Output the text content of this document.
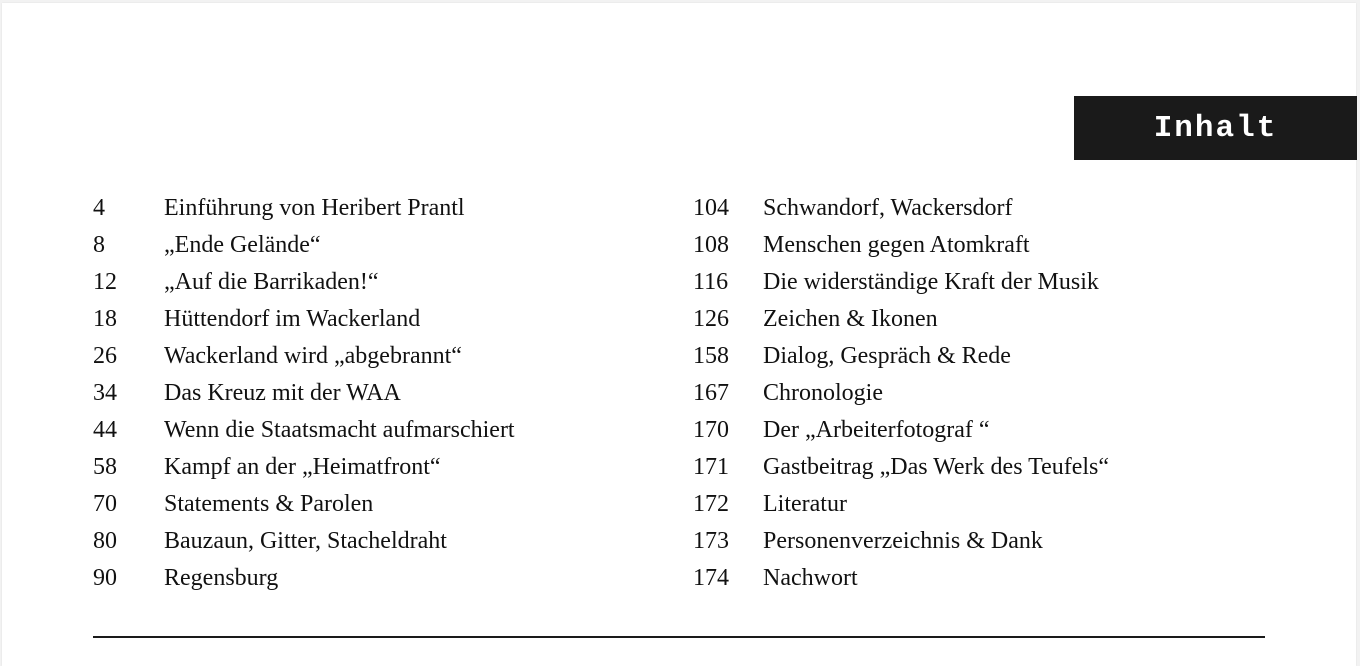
Inhalt
4	Einführung von Heribert Prantl
8	„Ende Gelände“
12	„Auf die Barrikaden!“
18	Hüttendorf im Wackerland
26	Wackerland wird „abgebrannt“
34	Das Kreuz mit der WAA
44	Wenn die Staatsmacht aufmarschiert
58	Kampf an der „Heimatfront“
70	Statements & Parolen
80	Bauzaun, Gitter, Stacheldraht
90	Regensburg
104	Schwandorf, Wackersdorf
108	Menschen gegen Atomkraft
116	Die widerständige Kraft der Musik
126	Zeichen & Ikonen
158	Dialog, Gespräch & Rede
167	Chronologie
170	Der „Arbeiterfotograf “
171	Gastbeitrag „Das Werk des Teufels“
172	Literatur
173	Personenverzeichnis & Dank
174	Nachwort
